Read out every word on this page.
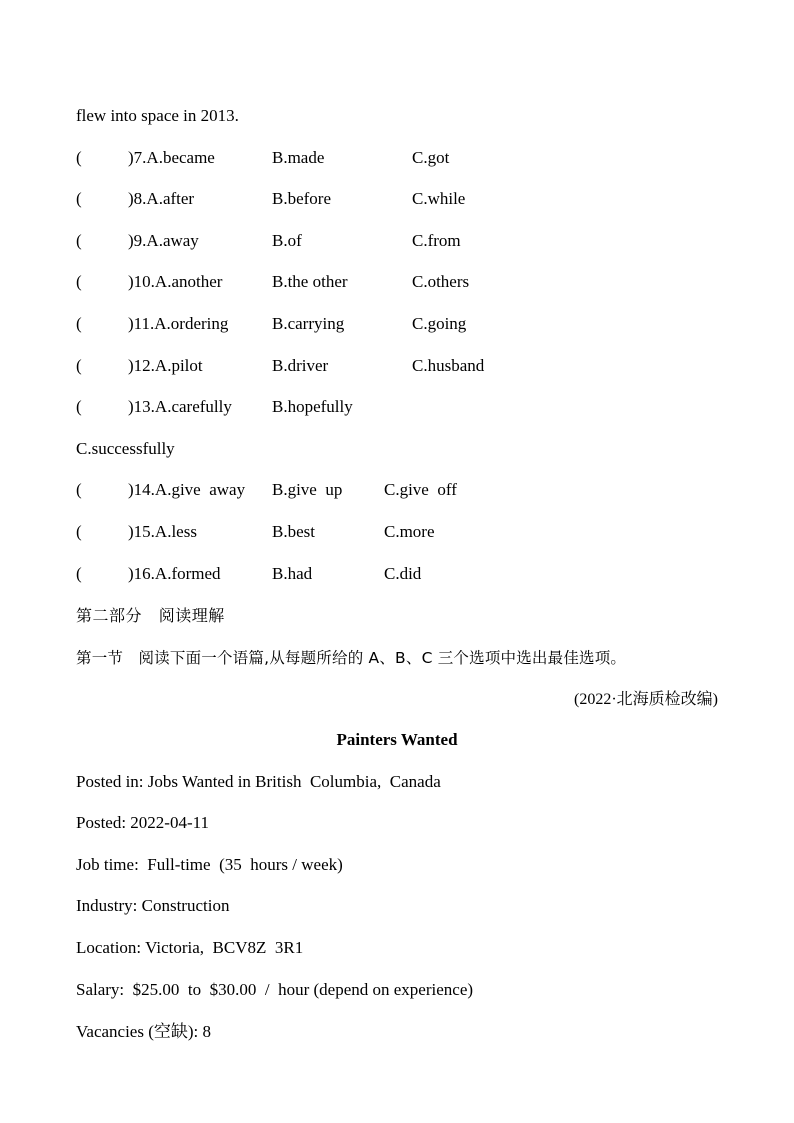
flew into space in 2013.
(	)7.A.became	B.made	C.got
(	)8.A.after	B.before	C.while
(	)9.A.away	B.of	C.from
(	)10.A.another	B.the other	C.others
(	)11.A.ordering	B.carrying	C.going
(	)12.A.pilot	B.driver	C.husband
(	)13.A.carefully B.hopefully
C.successfully
(	)14.A.give  away B.give  up C.give  off
(	)15.A.less	B.best	C.more
(	)16.A.formed	B.had	C.did
第二部分   阅读理解
第一节   阅读下面一个语篇,从每题所给的 A、B、C 三个选项中选出最佳选项。
(2022·北海质检改编)
Painters Wanted
Posted in: Jobs Wanted in British  Columbia,  Canada
Posted: 2022-04-11
Job time:  Full-time  (35  hours / week)
Industry: Construction
Location: Victoria,  BCV8Z  3R1
Salary:  $25.00  to  $30.00  /  hour (depend on experience)
Vacancies (空缺): 8
